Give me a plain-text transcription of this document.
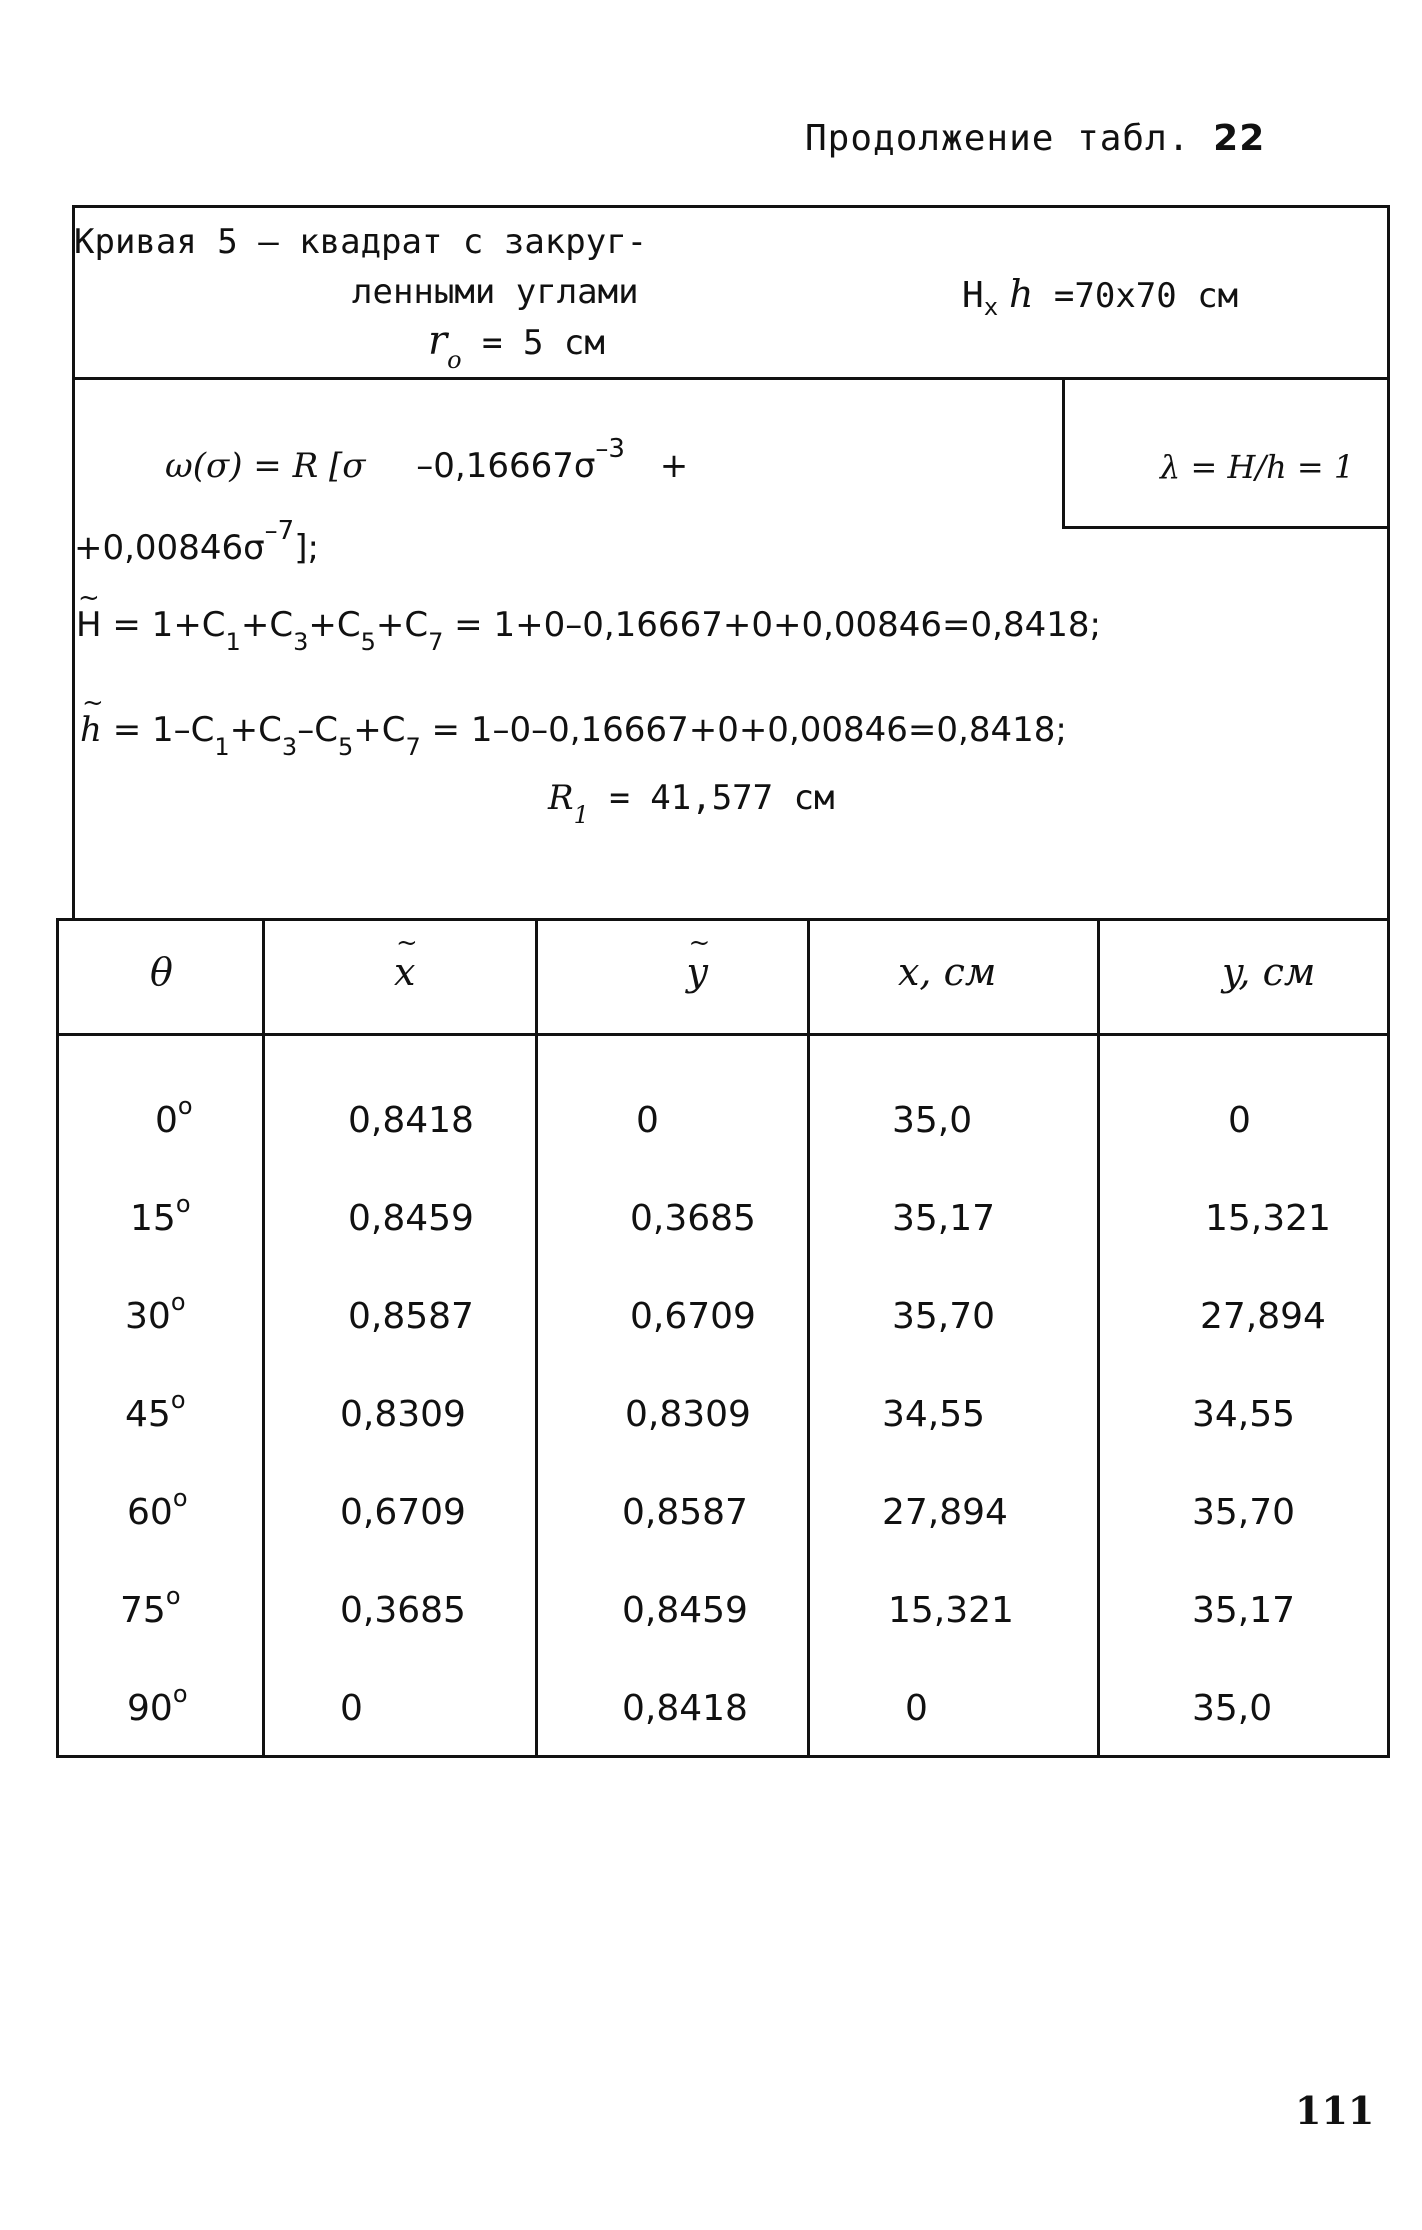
Продолжение табл. 22
Кривая 5 – квадрат с закруг-
ленными углами
$r_o = 5$ см
$H_x$ h =70x70 см
λ = H/h = 1
ω(σ) = R [σ $-0,16667\sigma^{-3}$ +
$+0,00846\sigma^{-7}$];
~ $H = 1+C_1+C_3+C_5+C_7 = 1+0-0,16667+0+0,00846=0,8418$;
~ $h = 1-C_1+C_3-C_5+C_7 = 1-0-0,16667+0+0,00846=0,8418$;
$R_1 = 41,577$ см
θ	~ x	~ y	x, см	y, см
0$^o$	0,8418	0	35,0	0
15$^o$	0,8459	0,3685	35,17	15,321
30$^o$	0,8587	0,6709	35,70	27,894
45$^o$	0,8309	0,8309	34,55	34,55
60$^o$	0,6709	0,8587	27,894	35,70
75$^o$	0,3685	0,8459	15,321	35,17
90$^o$	0	0,8418	0	35,0
111
